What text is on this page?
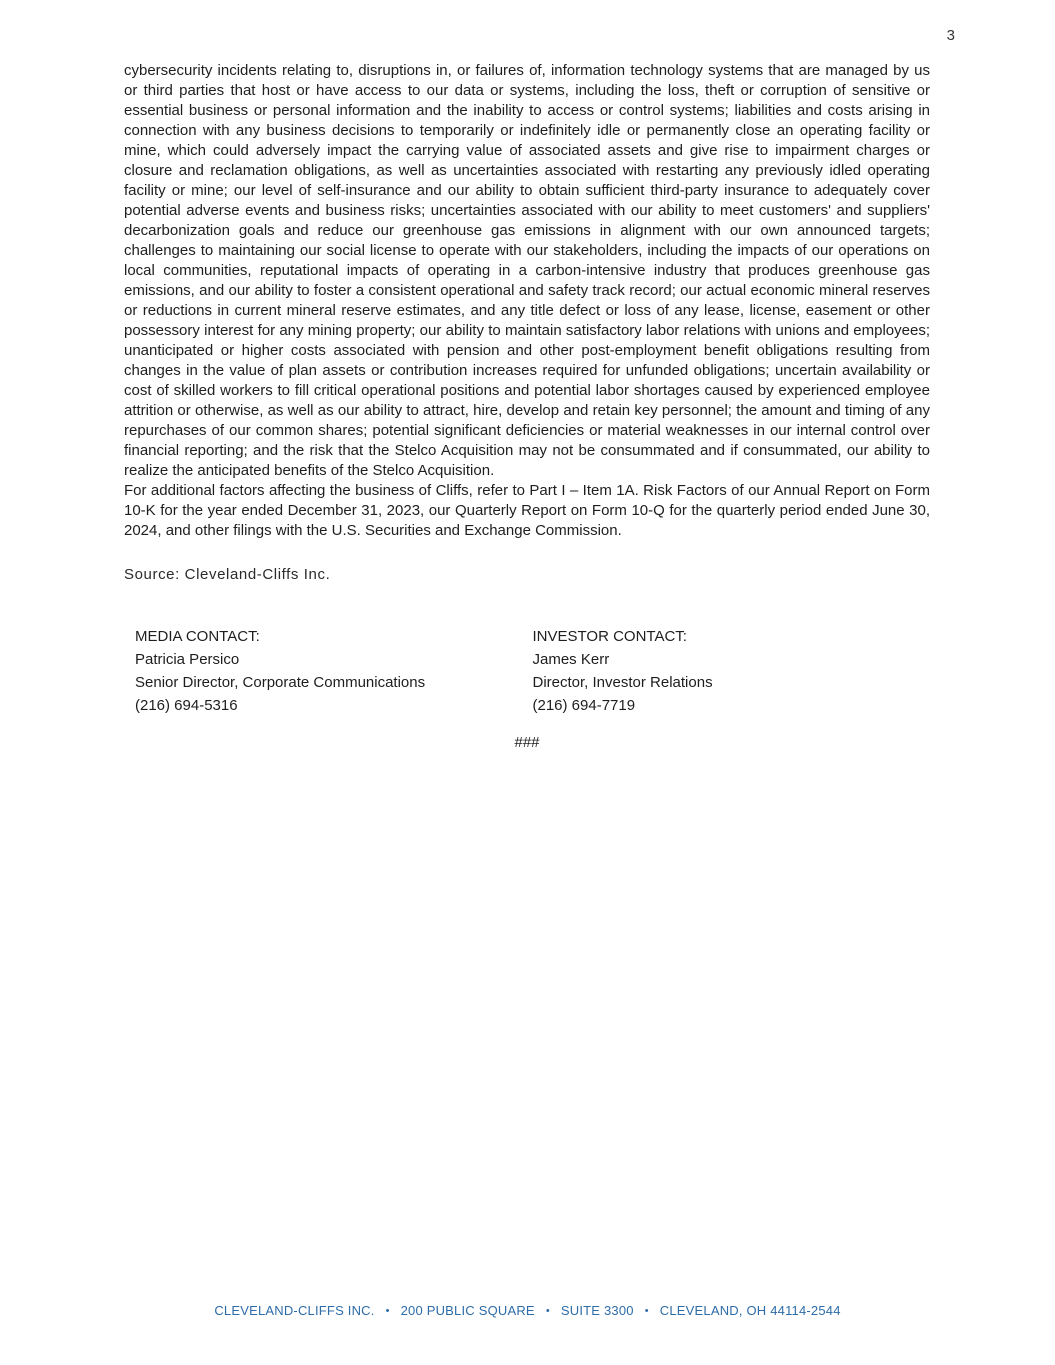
3

cybersecurity incidents relating to, disruptions in, or failures of, information technology systems that are managed by us or third parties that host or have access to our data or systems, including the loss, theft or corruption of sensitive or essential business or personal information and the inability to access or control systems; liabilities and costs arising in connection with any business decisions to temporarily or indefinitely idle or permanently close an operating facility or mine, which could adversely impact the carrying value of associated assets and give rise to impairment charges or closure and reclamation obligations, as well as uncertainties associated with restarting any previously idled operating facility or mine; our level of self-insurance and our ability to obtain sufficient third-party insurance to adequately cover potential adverse events and business risks; uncertainties associated with our ability to meet customers' and suppliers' decarbonization goals and reduce our greenhouse gas emissions in alignment with our own announced targets; challenges to maintaining our social license to operate with our stakeholders, including the impacts of our operations on local communities, reputational impacts of operating in a carbon-intensive industry that produces greenhouse gas emissions, and our ability to foster a consistent operational and safety track record; our actual economic mineral reserves or reductions in current mineral reserve estimates, and any title defect or loss of any lease, license, easement or other possessory interest for any mining property; our ability to maintain satisfactory labor relations with unions and employees; unanticipated or higher costs associated with pension and other post-employment benefit obligations resulting from changes in the value of plan assets or contribution increases required for unfunded obligations; uncertain availability or cost of skilled workers to fill critical operational positions and potential labor shortages caused by experienced employee attrition or otherwise, as well as our ability to attract, hire, develop and retain key personnel; the amount and timing of any repurchases of our common shares; potential significant deficiencies or material weaknesses in our internal control over financial reporting; and the risk that the Stelco Acquisition may not be consummated and if consummated, our ability to realize the anticipated benefits of the Stelco Acquisition.

For additional factors affecting the business of Cliffs, refer to Part I – Item 1A. Risk Factors of our Annual Report on Form 10-K for the year ended December 31, 2023, our Quarterly Report on Form 10-Q for the quarterly period ended June 30, 2024, and other filings with the U.S. Securities and Exchange Commission.

Source: Cleveland-Cliffs Inc.

MEDIA CONTACT:
Patricia Persico
Senior Director, Corporate Communications
(216) 694-5316
INVESTOR CONTACT:
James Kerr
Director, Investor Relations
(216) 694-7719
###
CLEVELAND-CLIFFS INC. • 200 PUBLIC SQUARE • SUITE 3300 • CLEVELAND, OH 44114-2544
